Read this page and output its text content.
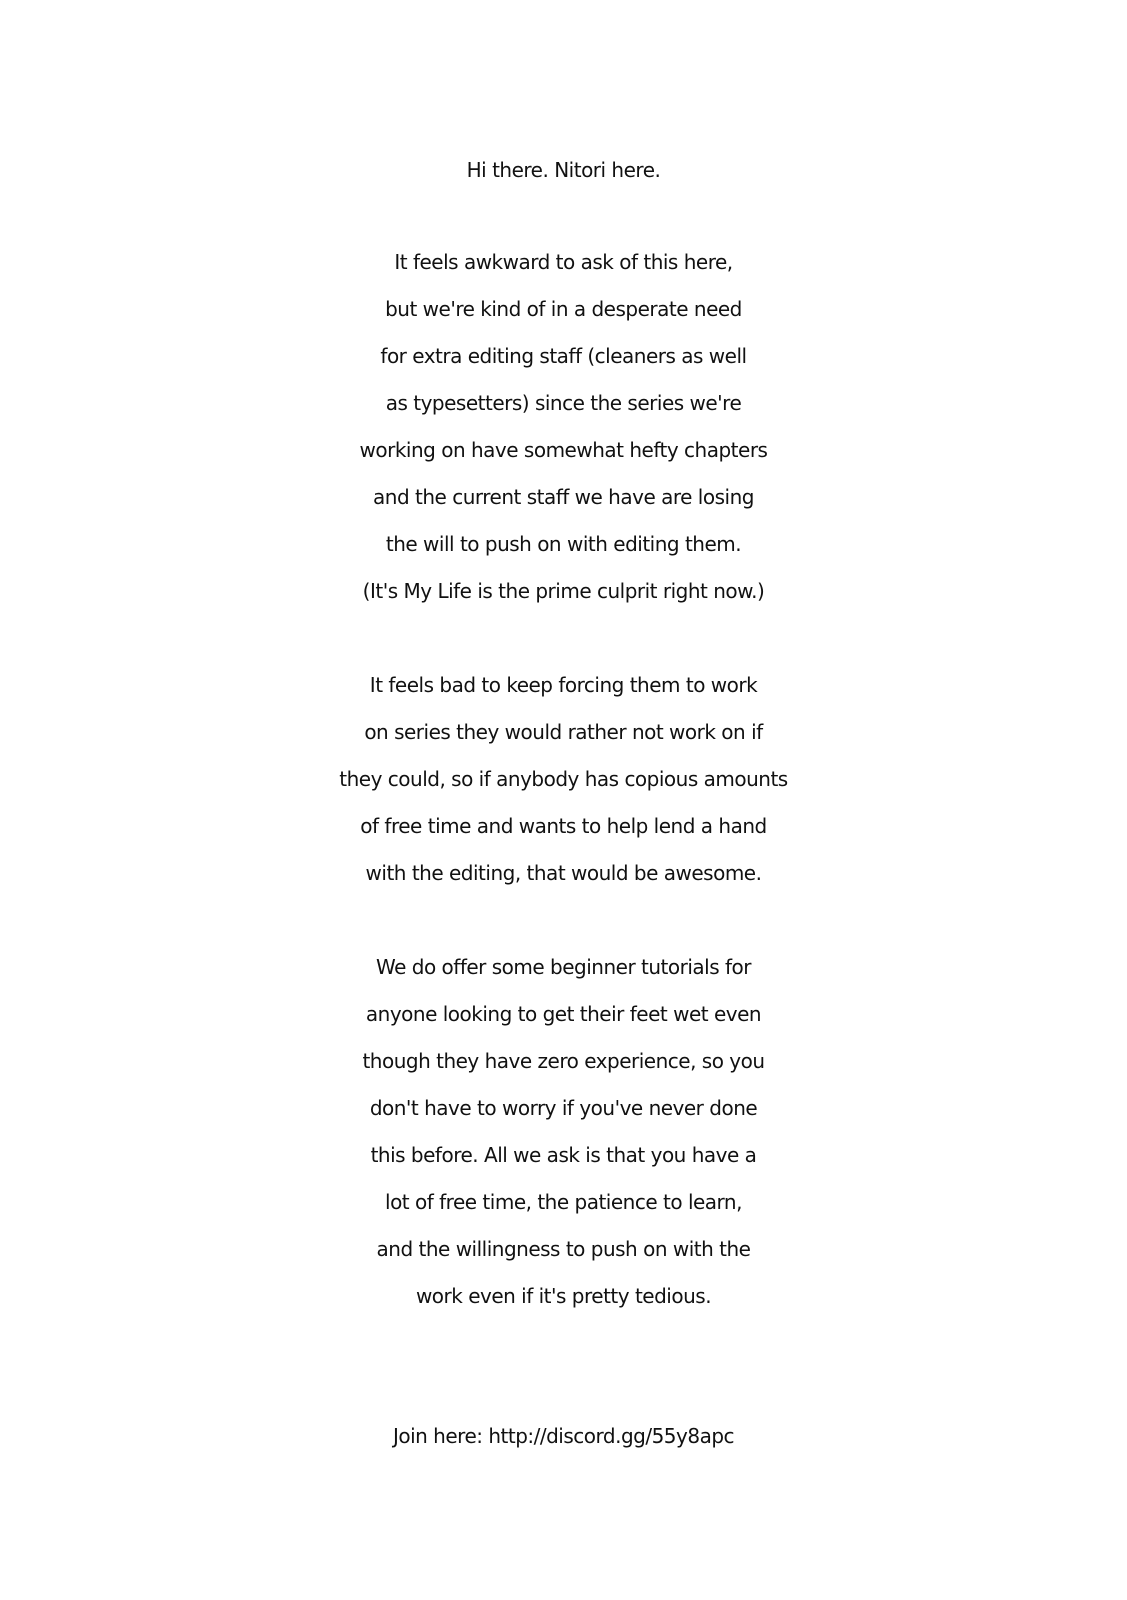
Hi there. Nitori here.
It feels awkward to ask of this here,
but we're kind of in a desperate need
for extra editing staff (cleaners as well
as typesetters) since the series we're
working on have somewhat hefty chapters
and the current staff we have are losing
the will to push on with editing them.
(It's My Life is the prime culprit right now.)
It feels bad to keep forcing them to work
on series they would rather not work on if
they could, so if anybody has copious amounts
of free time and wants to help lend a hand
with the editing, that would be awesome.
We do offer some beginner tutorials for
anyone looking to get their feet wet even
though they have zero experience, so you
don't have to worry if you've never done
this before. All we ask is that you have a
lot of free time, the patience to learn,
and the willingness to push on with the
work even if it's pretty tedious.
Join here: http://discord.gg/55y8apc
